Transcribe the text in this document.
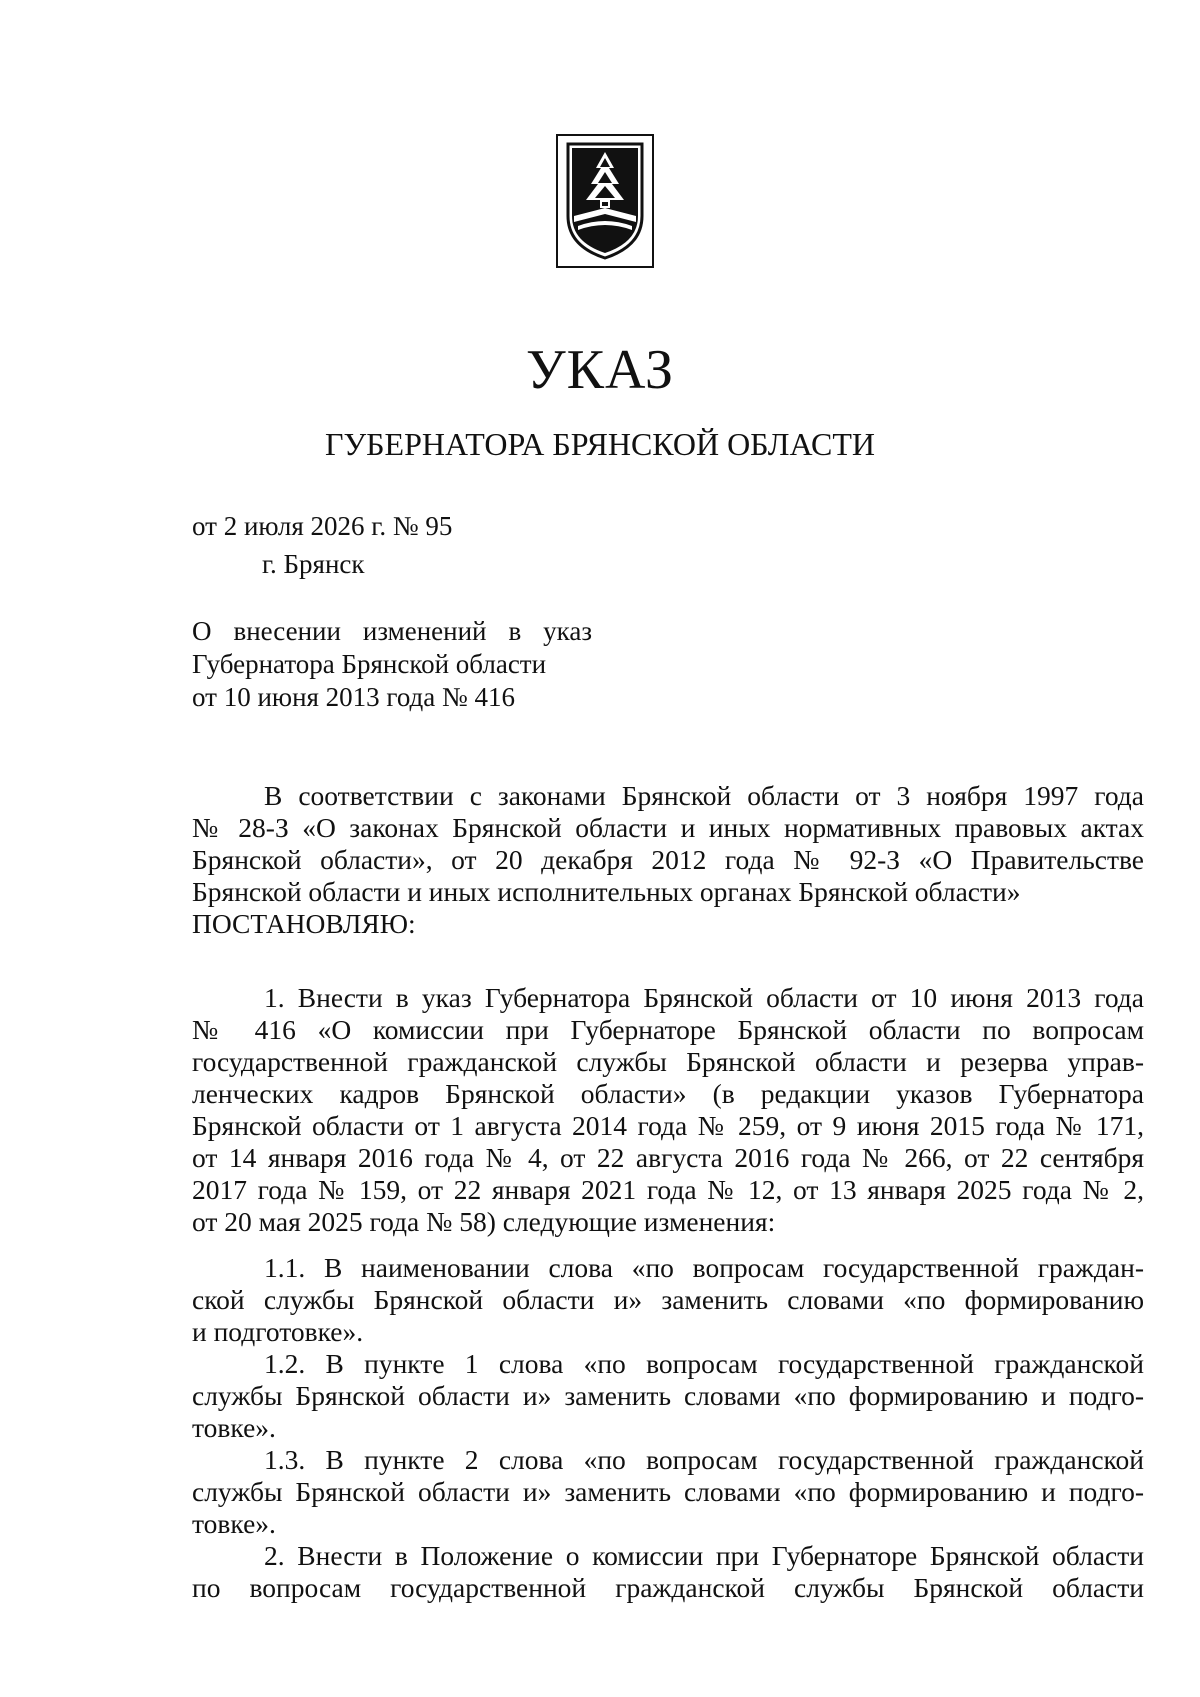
УКАЗ
ГУБЕРНАТОРА БРЯНСКОЙ ОБЛАСТИ
от 2 июля 2026 г. № 95
г. Брянск
О внесении изменений в указ
Губернатора Брянской области
от 10 июня 2013 года № 416
В соответствии с законами Брянской области от 3 ноября 1997 года
№ 28-З «О законах Брянской области и иных нормативных правовых актах
Брянской области», от 20 декабря 2012 года № 92-З «О Правительстве
Брянской области и иных исполнительных органах Брянской области»
ПОСТАНОВЛЯЮ:
1. Внести в указ Губернатора Брянской области от 10 июня 2013 года
№ 416 «О комиссии при Губернаторе Брянской области по вопросам
государственной гражданской службы Брянской области и резерва управ-
ленческих кадров Брянской области» (в редакции указов Губернатора
Брянской области от 1 августа 2014 года № 259, от 9 июня 2015 года № 171,
от 14 января 2016 года № 4, от 22 августа 2016 года № 266, от 22 сентября
2017 года № 159, от 22 января 2021 года № 12, от 13 января 2025 года № 2,
от 20 мая 2025 года № 58) следующие изменения:
1.1. В наименовании слова «по вопросам государственной граждан-
ской службы Брянской области и» заменить словами «по формированию
и подготовке».
1.2. В пункте 1 слова «по вопросам государственной гражданской
службы Брянской области и» заменить словами «по формированию и подго-
товке».
1.3. В пункте 2 слова «по вопросам государственной гражданской
службы Брянской области и» заменить словами «по формированию и подго-
товке».
2. Внести в Положение о комиссии при Губернаторе Брянской области
по вопросам государственной гражданской службы Брянской области
